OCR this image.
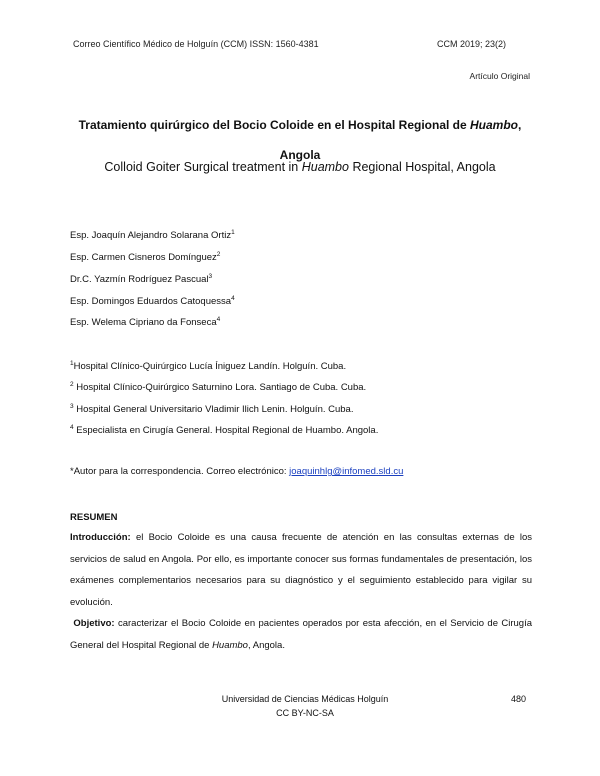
Correo Científico Médico de Holguín (CCM) ISSN: 1560-4381	CCM 2019; 23(2)
Artículo Original
Tratamiento quirúrgico del Bocio Coloide en el Hospital Regional de Huambo,
Angola
Colloid Goiter Surgical treatment in Huambo Regional Hospital, Angola
Esp. Joaquín Alejandro Solarana Ortiz$^1$
Esp. Carmen Cisneros Domínguez$^2$
Dr.C. Yazmín Rodríguez Pascual$^3$
Esp. Domingos Eduardos Catoquessa$^4$
Esp. Welema Cipriano da Fonseca$^4$
$^1$Hospital Clínico-Quirúrgico Lucía Íniguez Landín. Holguín. Cuba.
$^2$ Hospital Clínico-Quirúrgico Saturnino Lora. Santiago de Cuba. Cuba.
$^3$ Hospital General Universitario Vladimir Ilich Lenin. Holguín. Cuba.
$^4$ Especialista en Cirugía General. Hospital Regional de Huambo. Angola.
*Autor para la correspondencia. Correo electrónico: joaquinhlg@infomed.sld.cu
RESUMEN
Introducción: el Bocio Coloide es una causa frecuente de atención en las consultas externas de los servicios de salud en Angola. Por ello, es importante conocer sus formas fundamentales de presentación, los exámenes complementarios necesarios para su diagnóstico y el seguimiento establecido para vigilar su evolución.
Objetivo: caracterizar el Bocio Coloide en pacientes operados por esta afección, en el Servicio de Cirugía General del Hospital Regional de Huambo, Angola.
Universidad de Ciencias Médicas Holguín
CC BY-NC-SA
480
